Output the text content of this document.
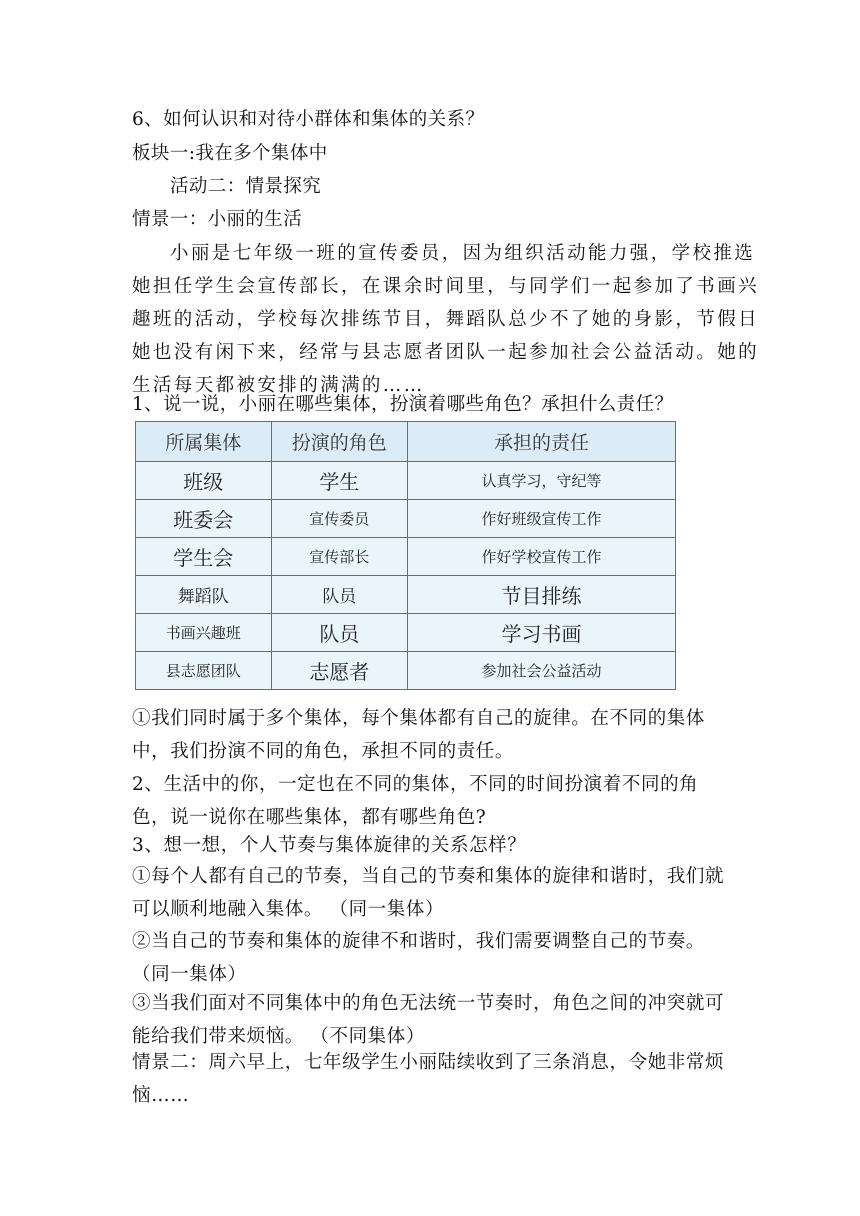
6、如何认识和对待小群体和集体的关系？
板块一:我在多个集体中
活动二：情景探究
情景一：小丽的生活
小丽是七年级一班的宣传委员，因为组织活动能力强，学校推选
她担任学生会宣传部长，在课余时间里，与同学们一起参加了书画兴
趣班的活动，学校每次排练节目，舞蹈队总少不了她的身影，节假日
她也没有闲下来，经常与县志愿者团队一起参加社会公益活动。她的
生活每天都被安排的满满的……
1、说一说，小丽在哪些集体，扮演着哪些角色？承担什么责任？
所属集体	扮演的角色	承担的责任
班级	学生	认真学习，守纪等
班委会	宣传委员	作好班级宣传工作
学生会	宣传部长	作好学校宣传工作
舞蹈队	队员	节目排练
书画兴趣班	队员	学习书画
县志愿团队	志愿者	参加社会公益活动
①我们同时属于多个集体，每个集体都有自己的旋律。在不同的集体中，我们扮演不同的角色，承担不同的责任。
2、生活中的你，一定也在不同的集体，不同的时间扮演着不同的角色，说一说你在哪些集体，都有哪些角色?
3、想一想，个人节奏与集体旋律的关系怎样？
①每个人都有自己的节奏，当自己的节奏和集体的旋律和谐时，我们就可以顺利地融入集体。 （同一集体）
②当自己的节奏和集体的旋律不和谐时，我们需要调整自己的节奏。（同一集体）
③当我们面对不同集体中的角色无法统一节奏时，角色之间的冲突就可能给我们带来烦恼。 （不同集体）
情景二：周六早上，七年级学生小丽陆续收到了三条消息，令她非常烦恼……
